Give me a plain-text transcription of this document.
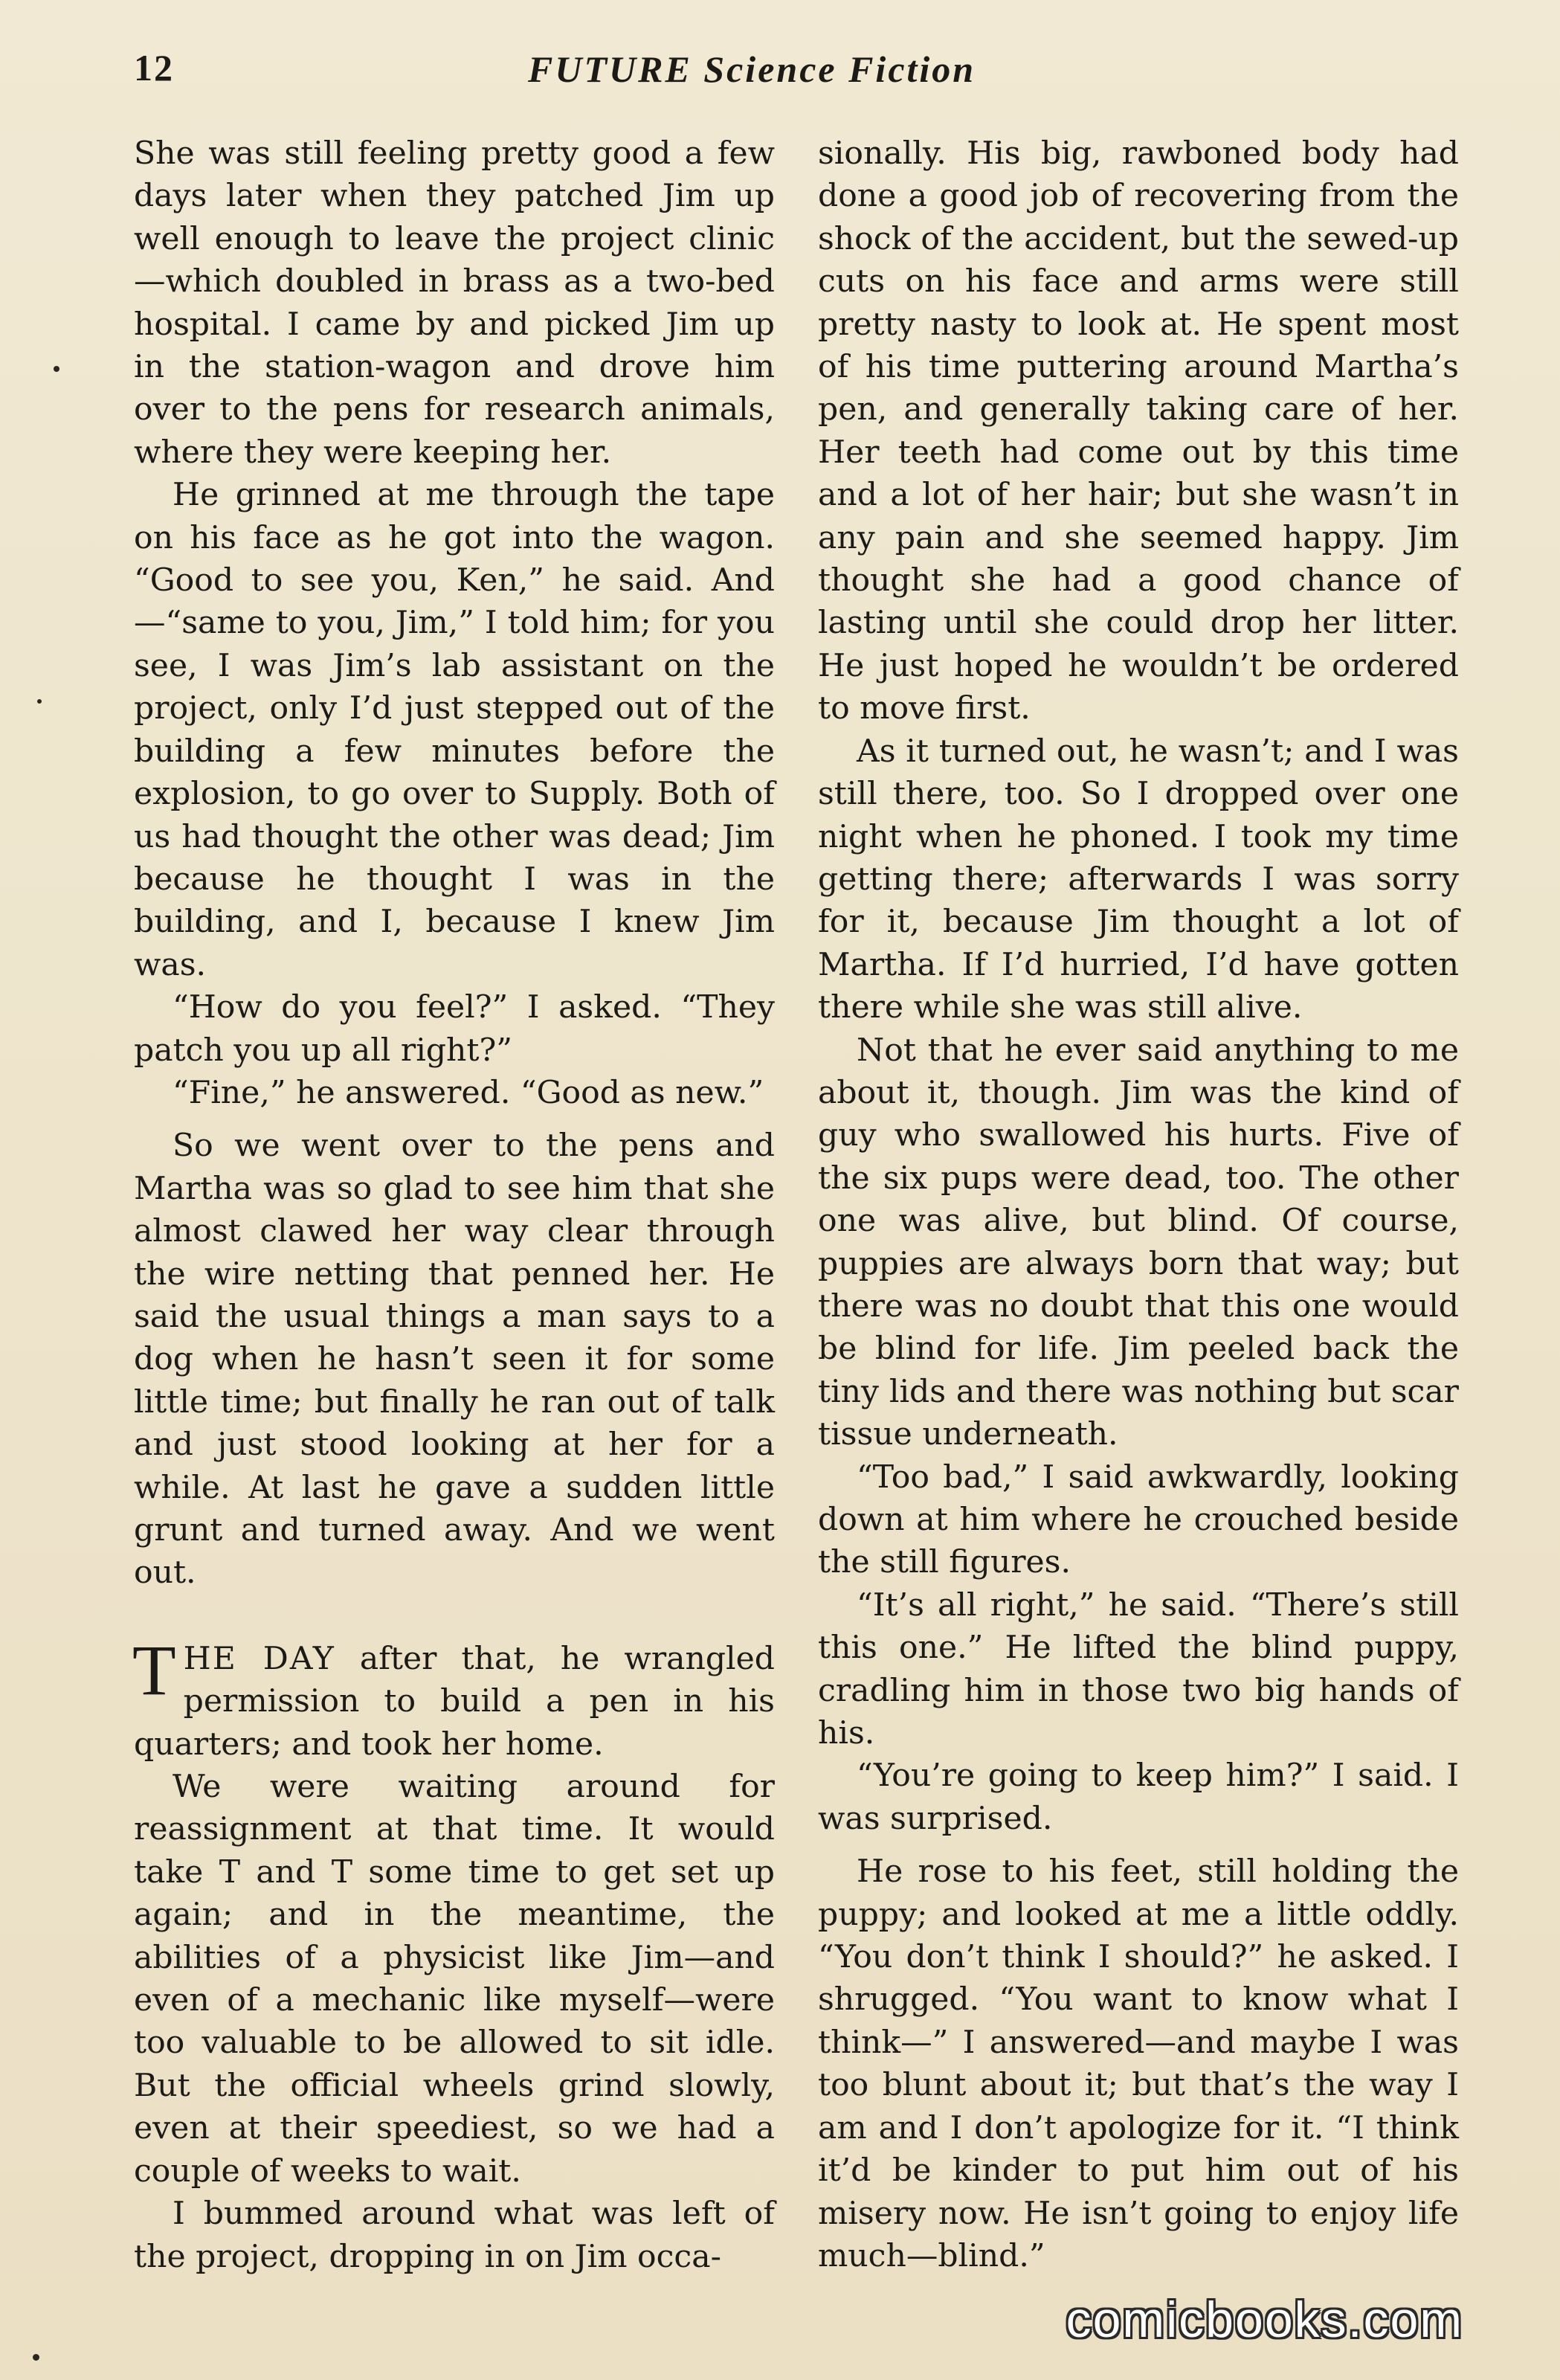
12	FUTURE Science Fiction

She was still feeling pretty good a few days later when they patched Jim up well enough to leave the project clinic—which doubled in brass as a two-bed hospital. I came by and picked Jim up in the station-wagon and drove him over to the pens for research animals, where they were keeping her.

He grinned at me through the tape on his face as he got into the wagon. “Good to see you, Ken,” he said. And—“same to you, Jim,” I told him; for you see, I was Jim’s lab assistant on the project, only I’d just stepped out of the building a few minutes before the explosion, to go over to Supply. Both of us had thought the other was dead; Jim because he thought I was in the building, and I, because I knew Jim was.

“How do you feel?” I asked. “They patch you up all right?”

“Fine,” he answered. “Good as new.”

So we went over to the pens and Martha was so glad to see him that she almost clawed her way clear through the wire netting that penned her. He said the usual things a man says to a dog when he hasn’t seen it for some little time; but finally he ran out of talk and just stood looking at her for a while. At last he gave a sudden little grunt and turned away. And we went out.

THE DAY after that, he wrangled permission to build a pen in his quarters; and took her home.

We were waiting around for reassignment at that time. It would take T and T some time to get set up again; and in the meantime, the abilities of a physicist like Jim—and even of a mechanic like myself—were too valuable to be allowed to sit idle. But the official wheels grind slowly, even at their speediest, so we had a couple of weeks to wait.

I bummed around what was left of the project, dropping in on Jim occa-

sionally. His big, rawboned body had done a good job of recovering from the shock of the accident, but the sewed-up cuts on his face and arms were still pretty nasty to look at. He spent most of his time puttering around Martha’s pen, and generally taking care of her. Her teeth had come out by this time and a lot of her hair; but she wasn’t in any pain and she seemed happy. Jim thought she had a good chance of lasting until she could drop her litter. He just hoped he wouldn’t be ordered to move first.

As it turned out, he wasn’t; and I was still there, too. So I dropped over one night when he phoned. I took my time getting there; afterwards I was sorry for it, because Jim thought a lot of Martha. If I’d hurried, I’d have gotten there while she was still alive.

Not that he ever said anything to me about it, though. Jim was the kind of guy who swallowed his hurts. Five of the six pups were dead, too. The other one was alive, but blind. Of course, puppies are always born that way; but there was no doubt that this one would be blind for life. Jim peeled back the tiny lids and there was nothing but scar tissue underneath.

“Too bad,” I said awkwardly, looking down at him where he crouched beside the still figures.

“It’s all right,” he said. “There’s still this one.” He lifted the blind puppy, cradling him in those two big hands of his.

“You’re going to keep him?” I said. I was surprised.

He rose to his feet, still holding the puppy; and looked at me a little oddly. “You don’t think I should?” he asked. I shrugged. “You want to know what I think—” I answered—and maybe I was too blunt about it; but that’s the way I am and I don’t apologize for it. “I think it’d be kinder to put him out of his misery now. He isn’t going to enjoy life much—blind.”

comicbooks.com
